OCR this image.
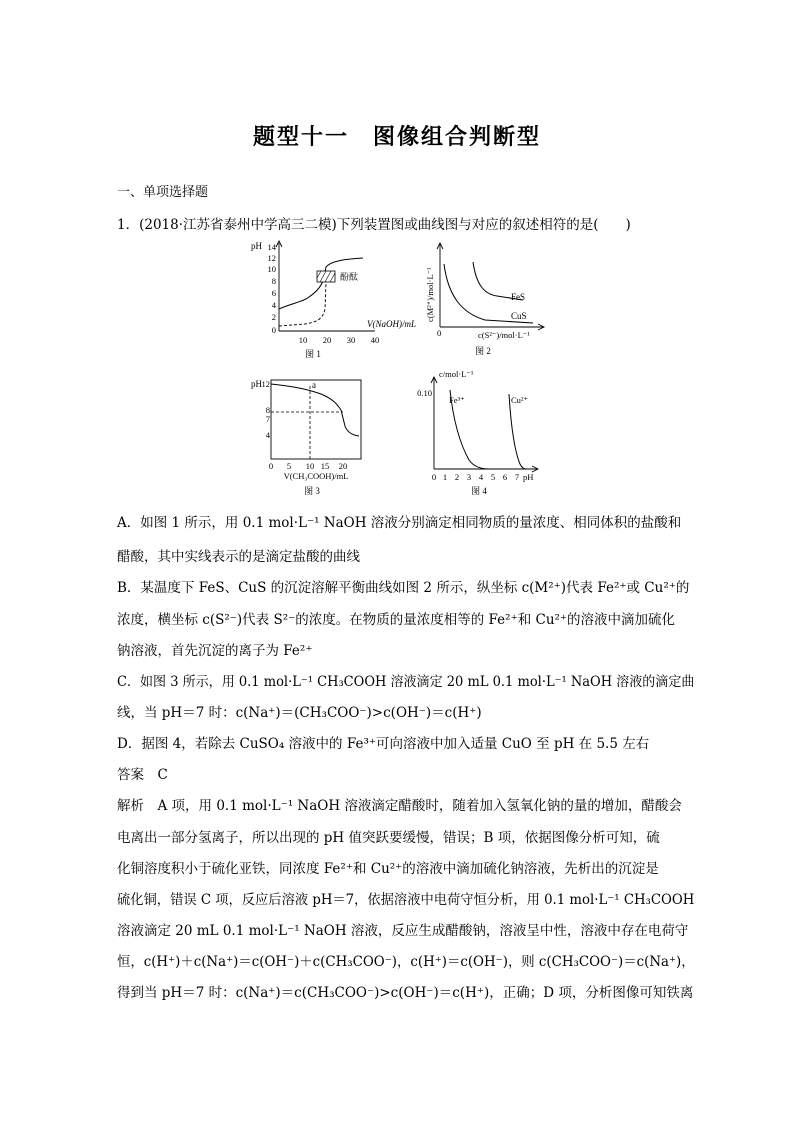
题型十一　图像组合判断型
一、单项选择题
1．(2018·江苏省泰州中学高三二模)下列装置图或曲线图与对应的叙述相符的是(　　)
pH 14
12
10
8
6
4
2
0
酚酞
V(NaOH)/mL
10 20 30 40
图 1
c(M²⁺)/mol·L⁻¹	FeS
CuS
0	c(S²⁻)/mol·L⁻¹
图 2
pH 12
8
7
4
a
0 5 10 15 20
V(CH₃COOH)/mL
图 3
c/mol·L⁻¹
0.10
Fe³⁺	Cu²⁺
0 1 2 3 4 5 6 7 pH
图 4
A．如图 1 所示，用 0.1 mol·L⁻¹ NaOH 溶液分别滴定相同物质的量浓度、相同体积的盐酸和
醋酸，其中实线表示的是滴定盐酸的曲线
B．某温度下 FeS、CuS 的沉淀溶解平衡曲线如图 2 所示，纵坐标 c(M²⁺)代表 Fe²⁺或 Cu²⁺的
浓度，横坐标 c(S²⁻)代表 S²⁻的浓度。在物质的量浓度相等的 Fe²⁺和 Cu²⁺的溶液中滴加硫化
钠溶液，首先沉淀的离子为 Fe²⁺
C．如图 3 所示，用 0.1 mol·L⁻¹ CH₃COOH 溶液滴定 20 mL 0.1 mol·L⁻¹ NaOH 溶液的滴定曲
线，当 pH＝7 时：c(Na⁺)＝(CH₃COO⁻)>c(OH⁻)＝c(H⁺)
D．据图 4，若除去 CuSO₄ 溶液中的 Fe³⁺可向溶液中加入适量 CuO 至 pH 在 5.5 左右
答案　 C
解析　 A 项，用 0.1 mol·L⁻¹ NaOH 溶液滴定醋酸时，随着加入氢氧化钠的量的增加，醋酸会
电离出一部分氢离子，所以出现的 pH 值突跃要缓慢，错误；B 项，依据图像分析可知，硫
化铜溶度积小于硫化亚铁，同浓度 Fe²⁺和 Cu²⁺的溶液中滴加硫化钠溶液，先析出的沉淀是
硫化铜，错误 C 项，反应后溶液 pH＝7，依据溶液中电荷守恒分析，用 0.1 mol·L⁻¹ CH₃COOH
溶液滴定 20 mL 0.1 mol·L⁻¹ NaOH 溶液，反应生成醋酸钠，溶液呈中性，溶液中存在电荷守
恒，c(H⁺)＋c(Na⁺)＝c(OH⁻)＋c(CH₃COO⁻)，c(H⁺)＝c(OH⁻)，则 c(CH₃COO⁻)＝c(Na⁺)，
得到当 pH＝7 时：c(Na⁺)＝c(CH₃COO⁻)>c(OH⁻)＝c(H⁺)，正确；D 项，分析图像可知铁离
